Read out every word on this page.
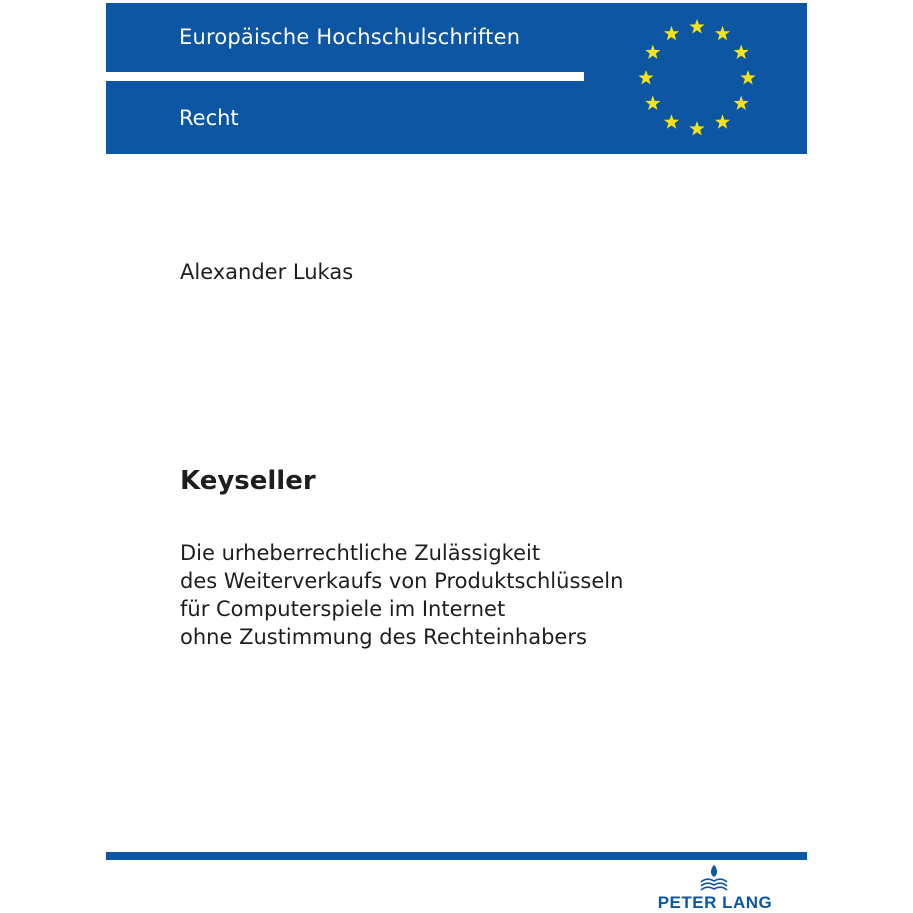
Europäische Hochschulschriften
Recht
Alexander Lukas
Keyseller
Die urheberrechtliche Zulässigkeit
des Weiterverkaufs von Produktschlüsseln
für Computerspiele im Internet
ohne Zustimmung des Rechteinhabers
PETER LANG
